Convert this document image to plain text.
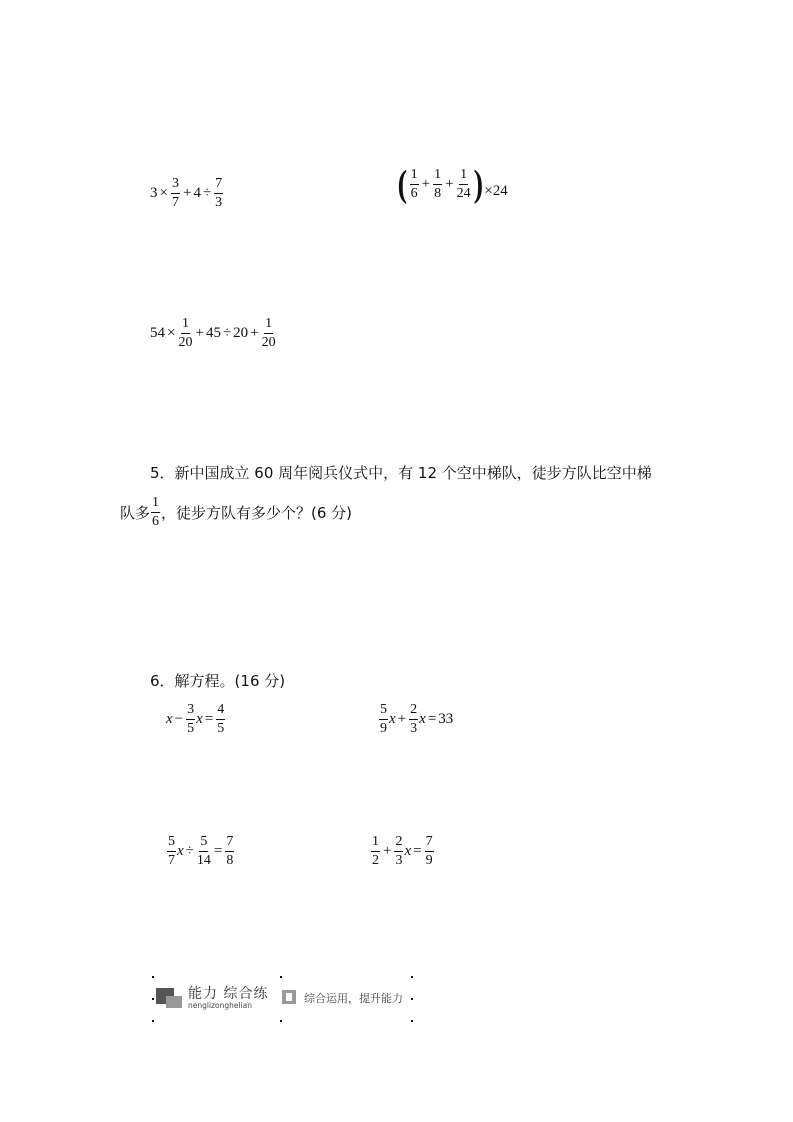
$3 \times \frac{3}{7} + 4 \div \frac{7}{3}$	( $\frac{1}{6} + \frac{1}{8} + \frac{1}{24}$ ) × 24
$54 \times \frac{1}{20} + 45 \div 20 + \frac{1}{20}$
5．新中国成立 60 周年阅兵仪式中，有 12 个空中梯队，徒步方队比空中梯
队多 $\frac{1}{6}$ ，徒步方队有多少个？(6 分)
6．解方程。(16 分)
$x - \frac{3}{5}$ $x = \frac{4}{5}$	$\frac{5}{9}$ $x + \frac{2}{3}$ x = 33
$\frac{5}{7}$ $x \div \frac{5}{14} = \frac{7}{8}$	$\frac{1}{2} + \frac{2}{3}$ $x = \frac{7}{9}$
能力 综合练
nenglizonghelian
综合运用，提升能力
